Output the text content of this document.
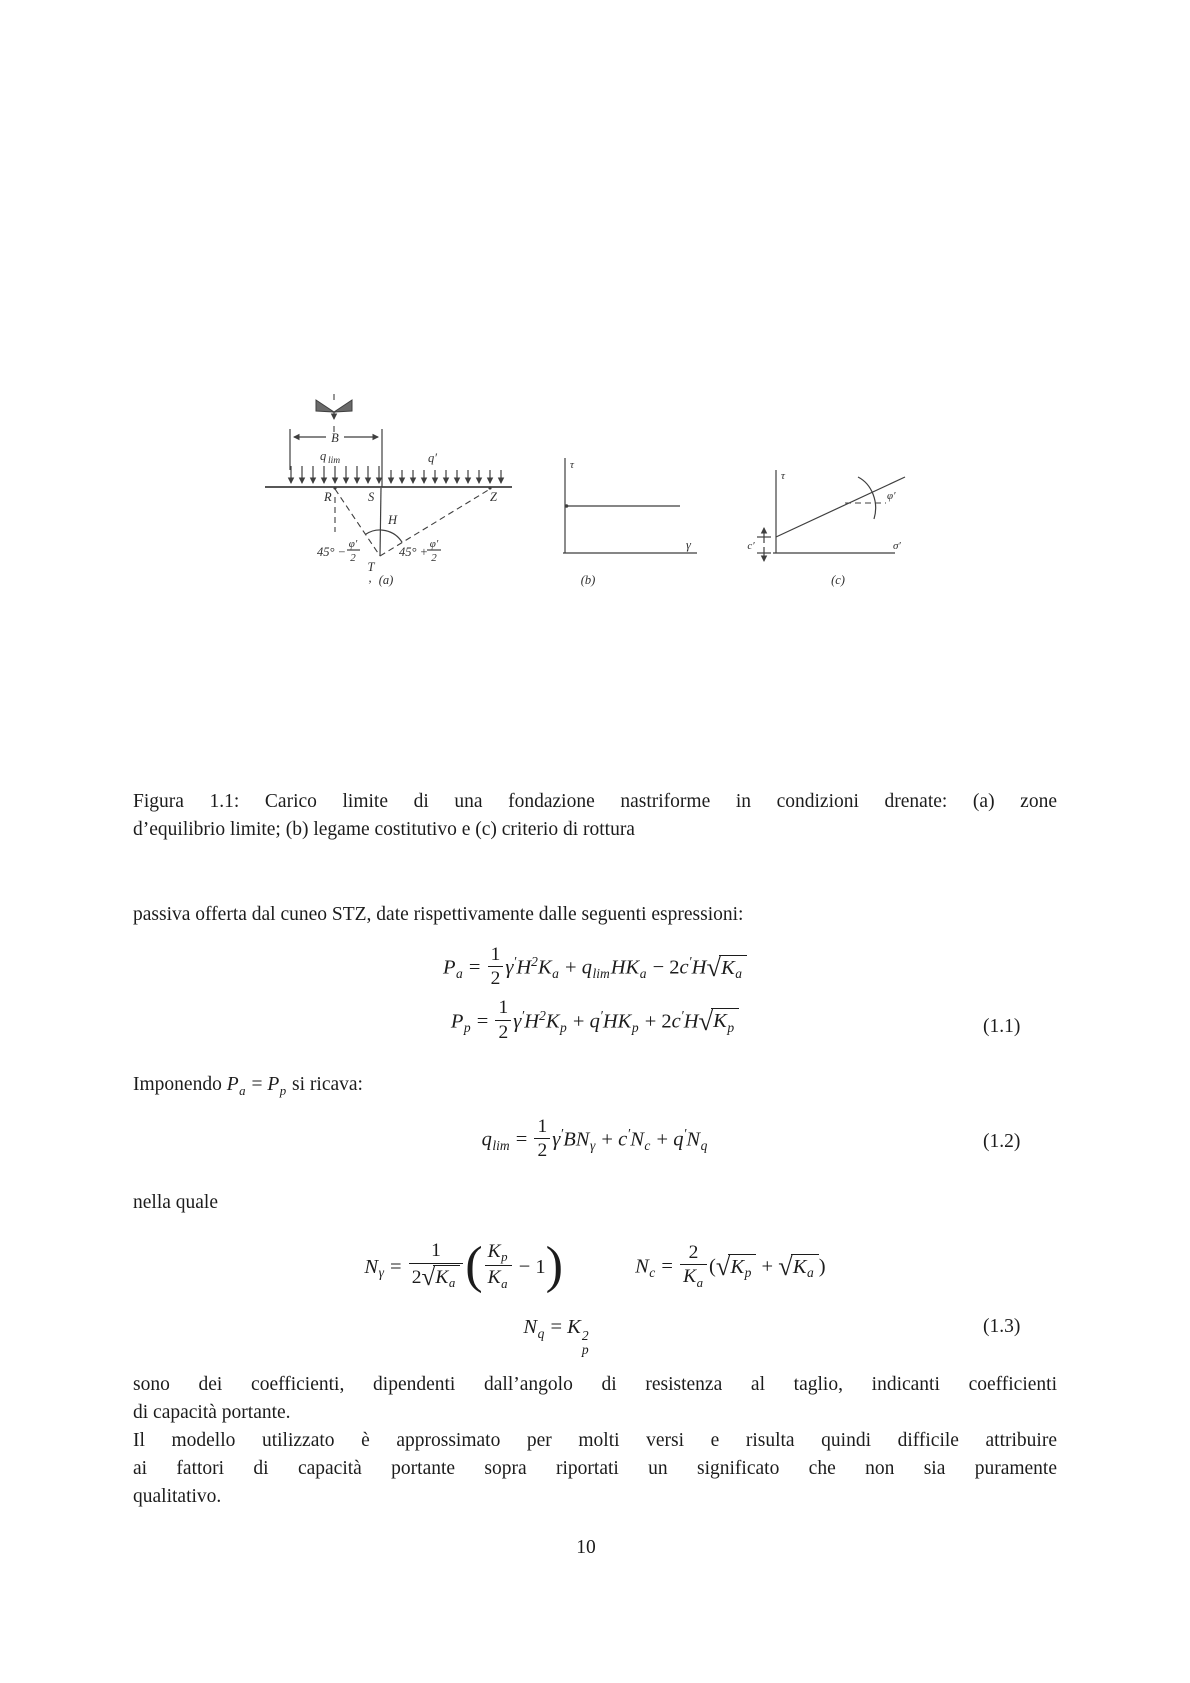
B
q lim	q′
R	S	Z
H
45° −
φ′
2	45° +
φ′
2
T
, (a)
τ
γ
(b)
τ
σ′
c′
φ′
(c)
Figura 1.1: Carico limite di una fondazione nastriforme in condizioni drenate: (a) zone
d’equilibrio limite; (b) legame costitutivo e (c) criterio di rottura
passiva offerta dal cuneo STZ, date rispettivamente dalle seguenti espressioni:
$P_a = \frac{1}{2} \gamma'H^2K_a + q_{lim}HK_a - 2c'H√K_a$
$P_p = \frac{1}{2} \gamma'H^2K_p + q'HK_p + 2c'H√K_p$	(1.1)
Imponendo $P_a = P_p$ si ricava:
$q_{lim} = \frac{1}{2} \gamma'BN_\gamma + c'N_c + q'N_q$	(1.2)
nella quale
$N_\gamma = \frac{1}{2√K_a}$ ( $\frac{K_p}{K_a} - 1$)	$N_c = \frac{2}{K_a} (√K_p + √K_a$ )
$N_q = K$ 2
p
(1.3)
sono dei coefficienti, dipendenti dall’angolo di resistenza al taglio, indicanti coefficienti
di capacità portante.
Il modello utilizzato è approssimato per molti versi e risulta quindi difficile attribuire
ai fattori di capacità portante sopra riportati un significato che non sia puramente
qualitativo.
10
